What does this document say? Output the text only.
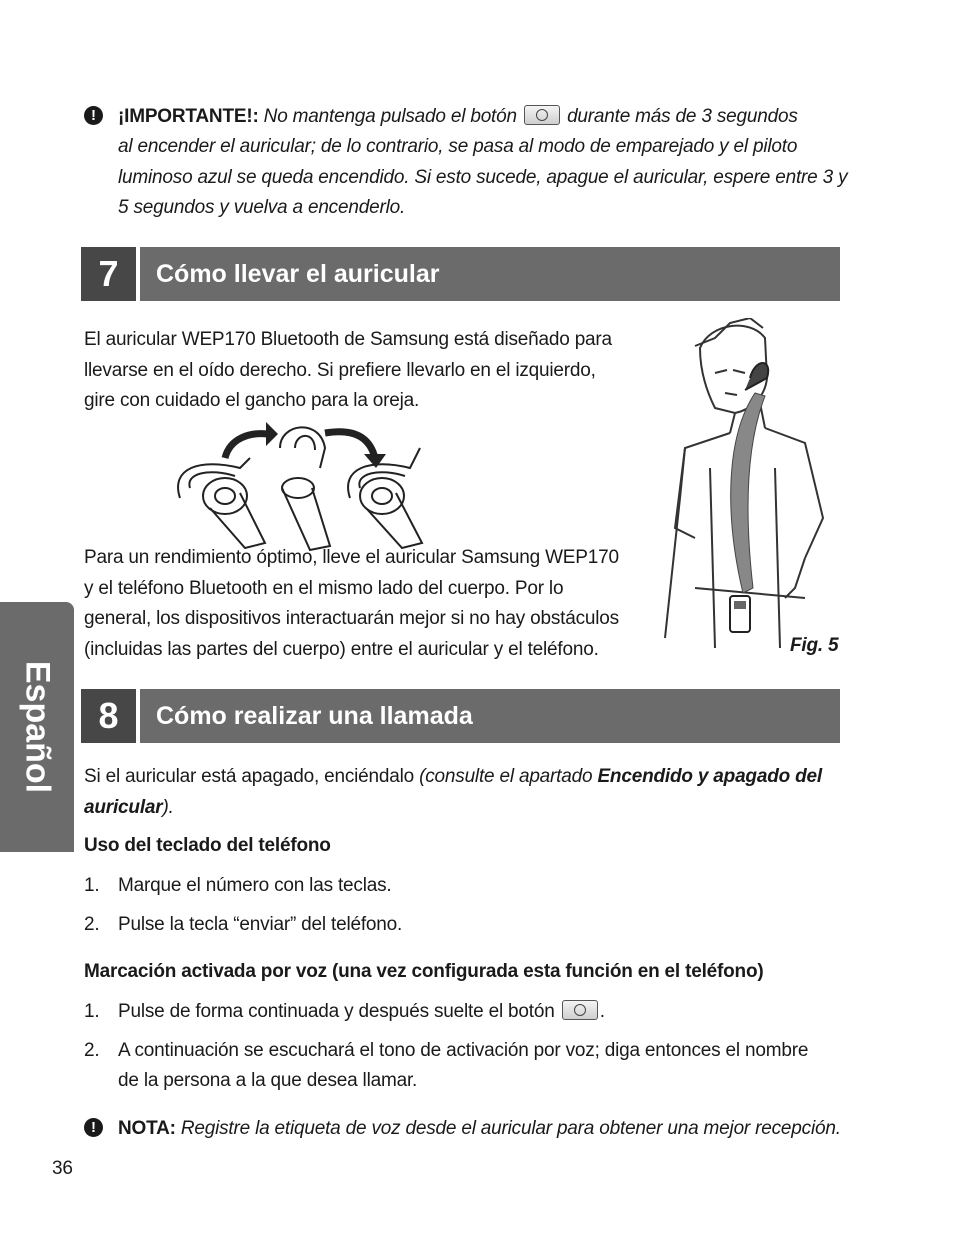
!	¡IMPORTANTE!: No mantenga pulsado el botón	durante más de 3 segundos
al encender el auricular; de lo contrario, se pasa al modo de emparejado y el piloto
luminoso azul se queda encendido. Si esto sucede, apague el auricular, espere entre 3 y
5 segundos y vuelva a encenderlo.
7	Cómo llevar el auricular
El auricular WEP170 Bluetooth de Samsung está diseñado para
llevarse en el oído derecho. Si prefiere llevarlo en el izquierdo,
gire con cuidado el gancho para la oreja.
Fig. 5
Para un rendimiento óptimo, lleve el auricular Samsung WEP170
y el teléfono Bluetooth en el mismo lado del cuerpo. Por lo
general, los dispositivos interactuarán mejor si no hay obstáculos
(incluidas las partes del cuerpo) entre el auricular y el teléfono.
Español	8	Cómo realizar una llamada
Si el auricular está apagado, enciéndalo (consulte el apartado Encendido y apagado del
auricular).
Uso del teclado del teléfono
1. Marque el número con las teclas.
2. Pulse la tecla “enviar” del teléfono.
Marcación activada por voz (una vez configurada esta función en el teléfono)
1. Pulse de forma continuada y después suelte el botón .
2. A continuación se escuchará el tono de activación por voz; diga entonces el nombre
de la persona a la que desea llamar.
!	NOTA: Registre la etiqueta de voz desde el auricular para obtener una mejor recepción.
36
